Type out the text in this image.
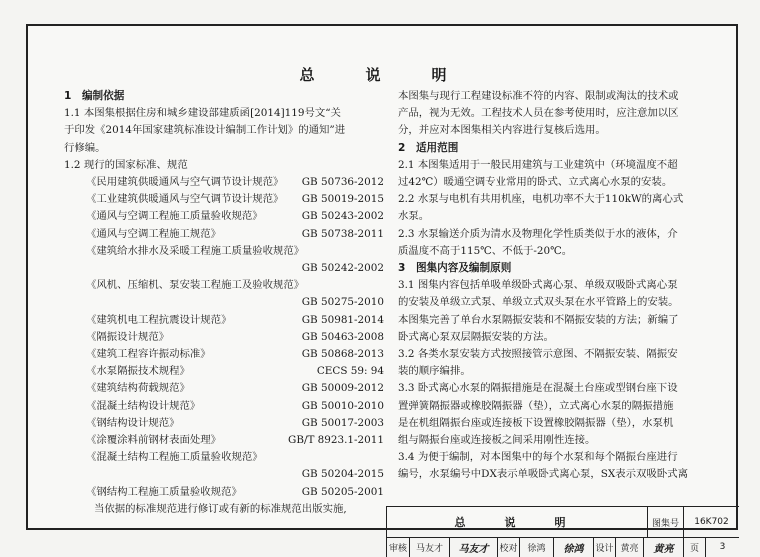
总　说　明
1　编制依据
1.1 本图集根据住房和城乡建设部建质函[2014]119号文“关
于印发《2014年国家建筑标准设计编制工作计划》的通知”进
行修编。
1.2 现行的国家标准、规范
《民用建筑供暖通风与空气调节设计规范》 GB 50736-2012
《工业建筑供暖通风与空气调节设计规范》 GB 50019-2015
《通风与空调工程施工质量验收规范》	GB 50243-2002
《通风与空调工程施工规范》	GB 50738-2011
《建筑给水排水及采暖工程施工质量验收规范》
GB 50242-2002
《风机、压缩机、泵安装工程施工及验收规范》
GB 50275-2010
《建筑机电工程抗震设计规范》	GB 50981-2014
《隔振设计规范》	GB 50463-2008
《建筑工程容许振动标准》	GB 50868-2013
《水泵隔振技术规程》	CECS 59: 94
《建筑结构荷载规范》	GB 50009-2012
《混凝土结构设计规范》	GB 50010-2010
《钢结构设计规范》	GB 50017-2003
《涂覆涂料前钢材表面处理》	GB/T 8923.1-2011
《混凝土结构工程施工质量验收规范》
GB 50204-2015
《钢结构工程施工质量验收规范》	GB 50205-2001
当依据的标准规范进行修订或有新的标准规范出版实施,
本图集与现行工程建设标准不符的内容、限制或淘汰的技术或
产品，视为无效。工程技术人员在参考使用时，应注意加以区
分，并应对本图集相关内容进行复核后选用。
2　适用范围
2.1 本图集适用于一般民用建筑与工业建筑中（环境温度不超
过42℃）暖通空调专业常用的卧式、立式离心水泵的安装。
2.2 水泵与电机有共用机座，电机功率不大于110kW的离心式
水泵。
2.3 水泵输送介质为清水及物理化学性质类似于水的液体，介
质温度不高于115℃、不低于-20℃。
3　图集内容及编制原则
3.1 图集内容包括单吸单级卧式离心泵、单级双吸卧式离心泵
的安装及单级立式泵、单级立式双头泵在水平管路上的安装。
本图集完善了单台水泵隔振安装和不隔振安装的方法；新编了
卧式离心泵双层隔振安装的方法。
3.2 各类水泵安装方式按照接管示意图、不隔振安装、隔振安
装的顺序编排。
3.3 卧式离心水泵的隔振措施是在混凝土台座或型钢台座下设
置弹簧隔振器或橡胶隔振器（垫），立式离心水泵的隔振措施
是在机组隔振台座或连接板下设置橡胶隔振器（垫），水泵机
组与隔振台座或连接板之间采用刚性连接。
3.4 为便于编制，对本图集中的每个水泵和每个隔振台座进行
编号，水泵编号中DX表示单吸卧式离心泵，SX表示双吸卧式离
总　说　明	图集号	16K702
审核 马友才	马友才	校对	徐鸿	徐鸿	设计 黄亮	黄亮	页	3
